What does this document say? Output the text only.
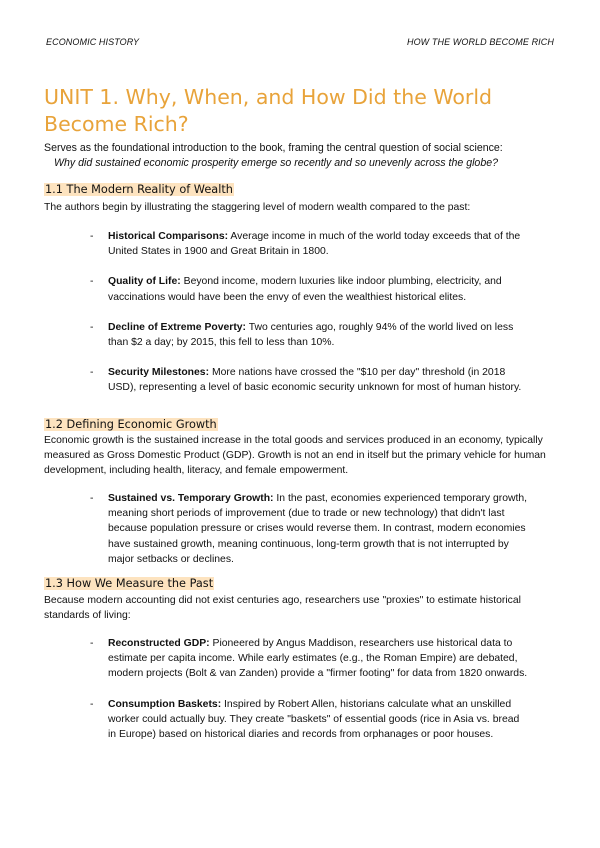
ECONOMIC HISTORY	HOW THE WORLD BECOME RICH
UNIT 1. Why, When, and How Did the World Become Rich?
Serves as the foundational introduction to the book, framing the central question of social science:
Why did sustained economic prosperity emerge so recently and so unevenly across the globe?
1.1 The Modern Reality of Wealth
The authors begin by illustrating the staggering level of modern wealth compared to the past:
- Historical Comparisons: Average income in much of the world today exceeds that of the United States in 1900 and Great Britain in 1800.
- Quality of Life: Beyond income, modern luxuries like indoor plumbing, electricity, and vaccinations would have been the envy of even the wealthiest historical elites.
- Decline of Extreme Poverty: Two centuries ago, roughly 94% of the world lived on less than $2 a day; by 2015, this fell to less than 10%.
- Security Milestones: More nations have crossed the "$10 per day" threshold (in 2018 USD), representing a level of basic economic security unknown for most of human history.
1.2 Defining Economic Growth
Economic growth is the sustained increase in the total goods and services produced in an economy, typically measured as Gross Domestic Product (GDP). Growth is not an end in itself but the primary vehicle for human development, including health, literacy, and female empowerment.
- Sustained vs. Temporary Growth: In the past, economies experienced temporary growth, meaning short periods of improvement (due to trade or new technology) that didn't last because population pressure or crises would reverse them. In contrast, modern economies have sustained growth, meaning continuous, long-term growth that is not interrupted by major setbacks or declines.
1.3 How We Measure the Past
Because modern accounting did not exist centuries ago, researchers use "proxies" to estimate historical standards of living:
- Reconstructed GDP: Pioneered by Angus Maddison, researchers use historical data to estimate per capita income. While early estimates (e.g., the Roman Empire) are debated, modern projects (Bolt & van Zanden) provide a "firmer footing" for data from 1820 onwards.
- Consumption Baskets: Inspired by Robert Allen, historians calculate what an unskilled worker could actually buy. They create "baskets" of essential goods (rice in Asia vs. bread in Europe) based on historical diaries and records from orphanages or poor houses.
